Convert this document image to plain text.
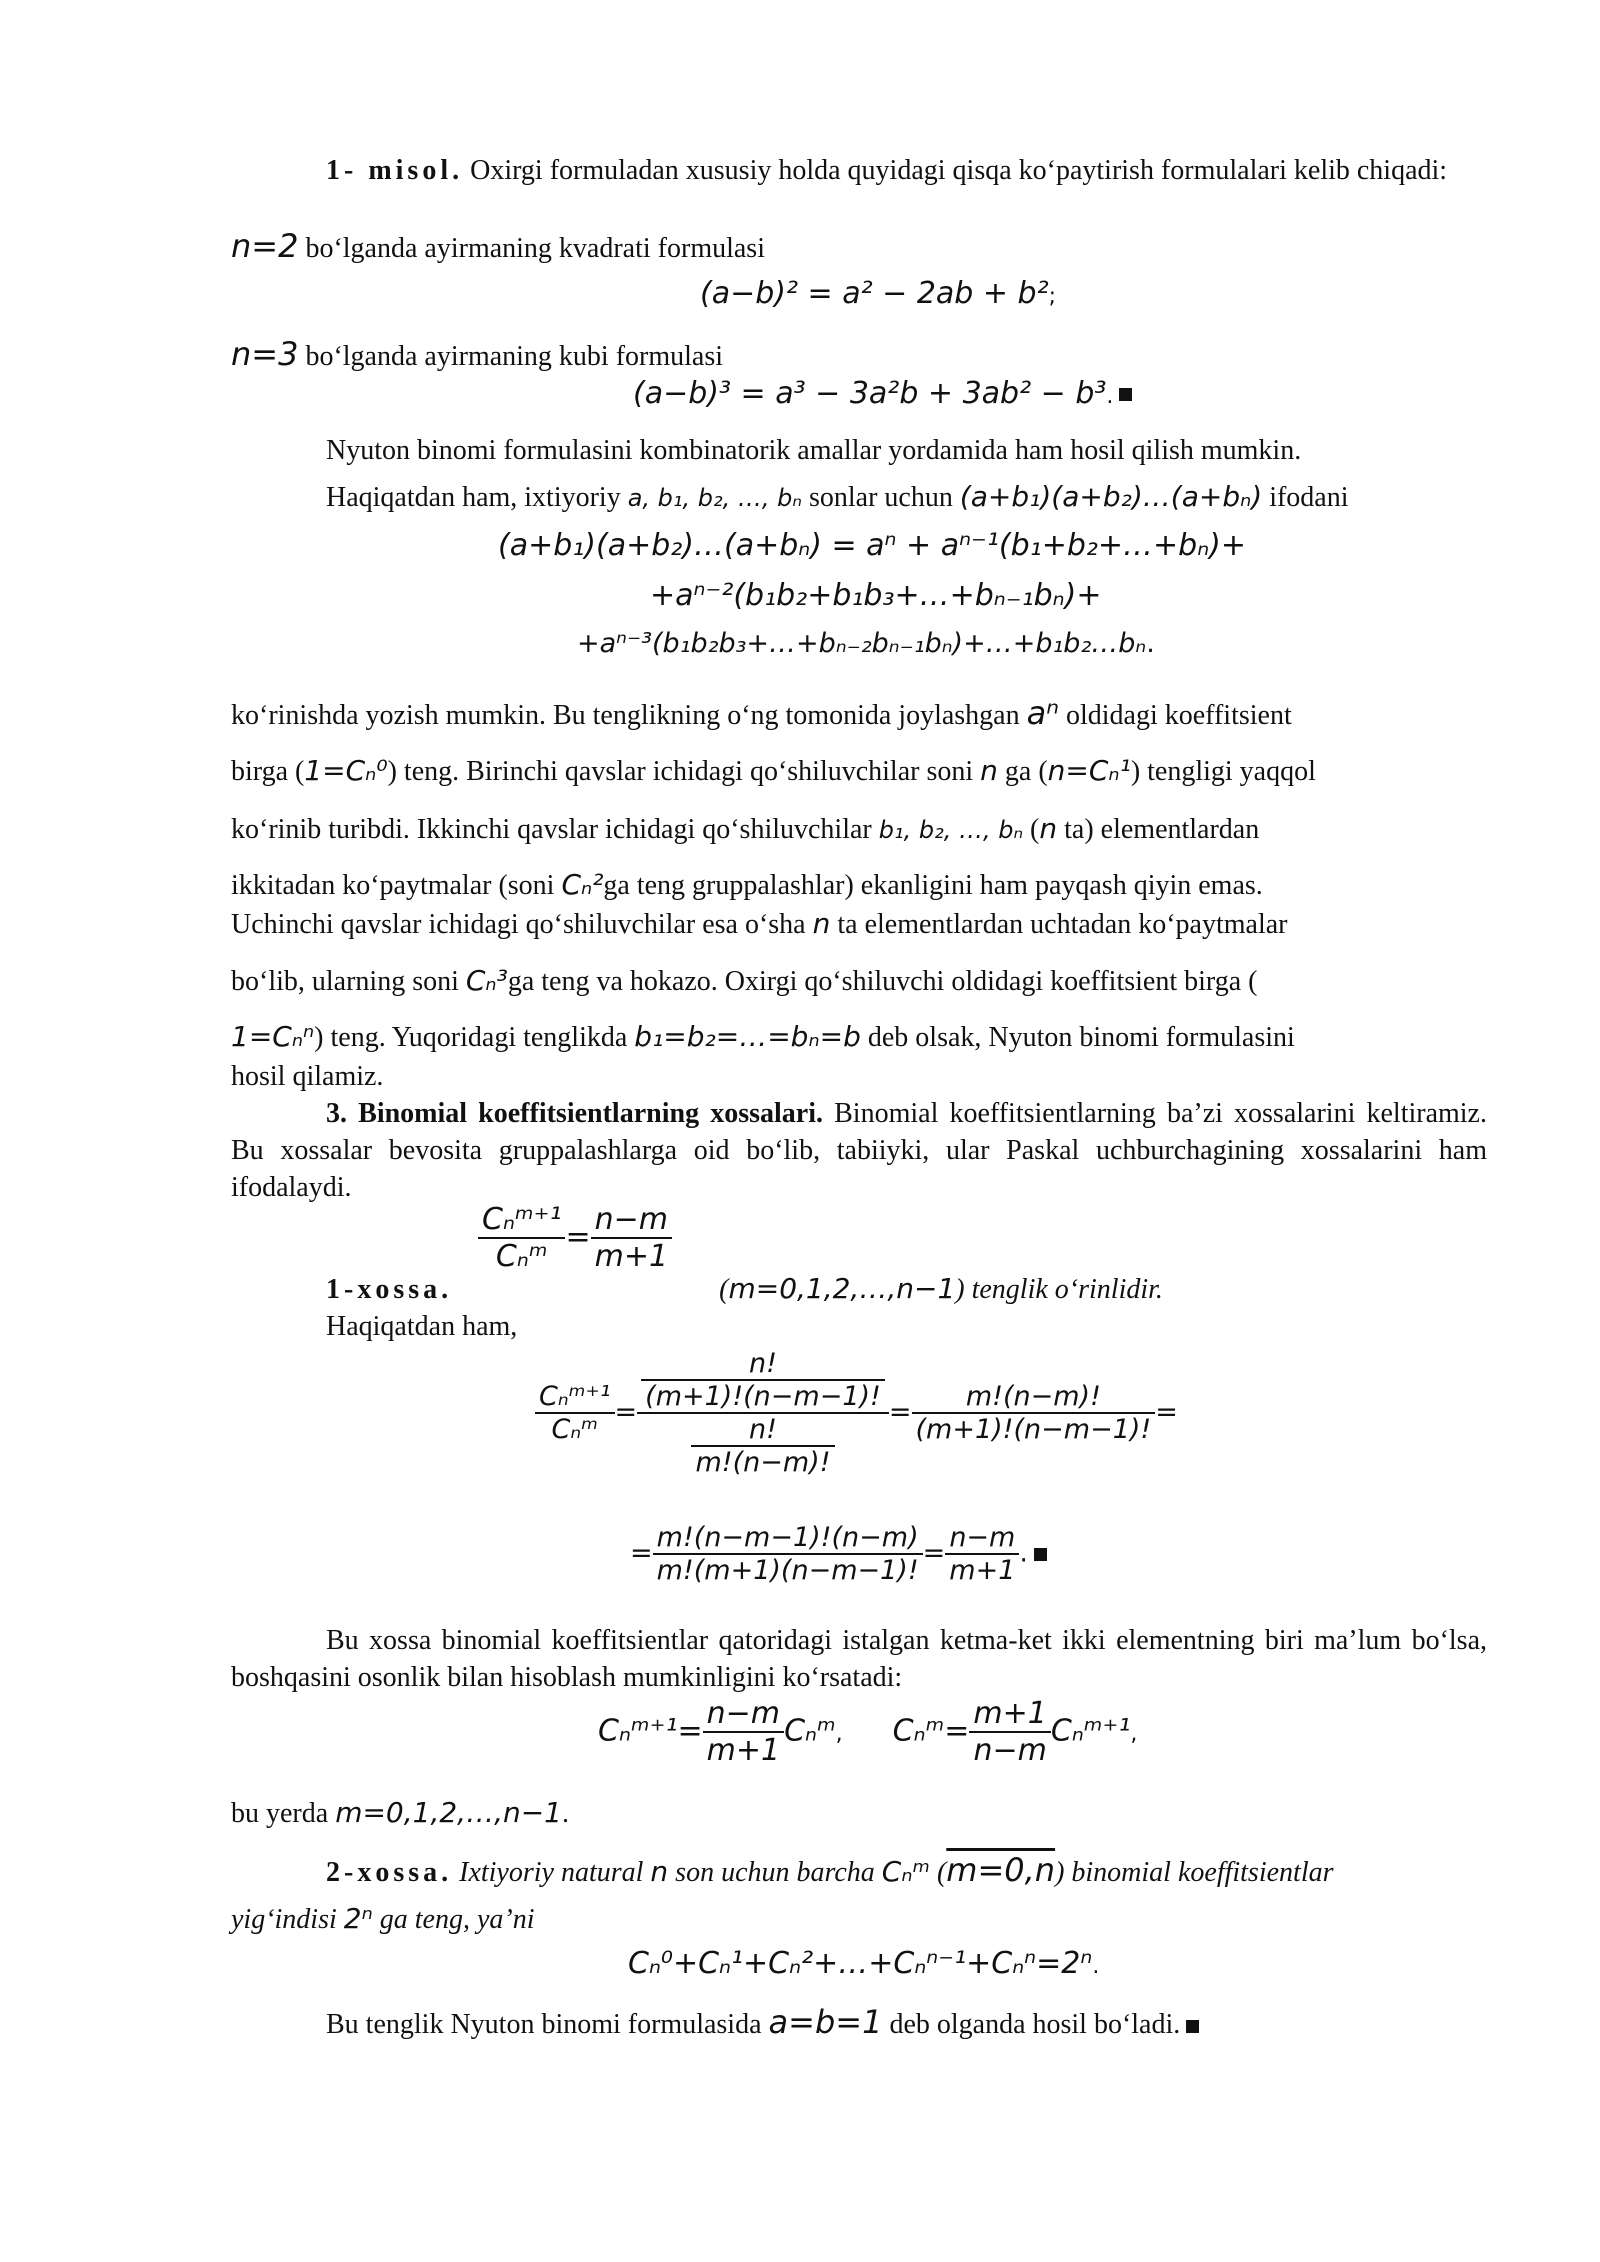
1- misol. Oxirgi formuladan xususiy holda quyidagi qisqa ko‘paytirish formulalari kelib chiqadi:
n=2 bo‘lganda ayirmaning kvadrati formulasi
(a−b)² = a² − 2ab + b²;
n=3 bo‘lganda ayirmaning kubi formulasi
(a−b)³ = a³ − 3a²b + 3ab² − b³.
Nyuton binomi formulasini kombinatorik amallar yordamida ham hosil qilish mumkin.
Haqiqatdan ham, ixtiyoriy a, b₁, b₂, …, bₙ sonlar uchun (a+b₁)(a+b₂)…(a+bₙ) ifodani
(a+b₁)(a+b₂)…(a+bₙ) = aⁿ + aⁿ⁻¹(b₁+b₂+…+bₙ)+
+aⁿ⁻²(b₁b₂+b₁b₃+…+bₙ₋₁bₙ)+
+aⁿ⁻³(b₁b₂b₃+…+bₙ₋₂bₙ₋₁bₙ)+…+b₁b₂…bₙ.
ko‘rinishda yozish mumkin. Bu tenglikning o‘ng tomonida joylashgan aⁿ oldidagi koeffitsient
birga (1=Cₙ⁰) teng. Birinchi qavslar ichidagi qo‘shiluvchilar soni n ga (n=Cₙ¹) tengligi yaqqol
ko‘rinib turibdi. Ikkinchi qavslar ichidagi qo‘shiluvchilar b₁, b₂, …, bₙ (n ta) elementlardan
ikkitadan ko‘paytmalar (soni Cₙ²ga teng gruppalashlar) ekanligini ham payqash qiyin emas.
Uchinchi qavslar ichidagi qo‘shiluvchilar esa o‘sha n ta elementlardan uchtadan ko‘paytmalar
bo‘lib, ularning soni Cₙ³ga teng va hokazo. Oxirgi qo‘shiluvchi oldidagi koeffitsient birga (
1=Cₙⁿ) teng. Yuqoridagi tenglikda b₁=b₂=…=bₙ=b deb olsak, Nyuton binomi formulasini
hosil qilamiz.
3. Binomial koeffitsientlarning xossalari. Binomial koeffitsientlarning ba’zi xossalarini keltiramiz. Bu xossalar bevosita gruppalashlarga oid bo‘lib, tabiiyki, ular Paskal uchburchagining xossalarini ham ifodalaydi.
$\frac{\text{Cₙᵐ⁺¹}}{\text{Cₙᵐ}} = \frac{n-m}{m+1}$
1-xossa.	(m=0,1,2,…,n−1) tenglik o‘rinlidir.
Haqiqatdan ham,
$\frac{\text{Cₙᵐ⁺¹}}{\text{Cₙᵐ}} = \frac{\frac{n!}{(m+1)!(n-m-1)!}}{\frac{n!}{m!(n-m)!}} = \frac{m!(n-m)!}{(m+1)!(n-m-1)!}$ =
= $\frac{m!(n-m-1)!(n-m)}{m!(m+1)(n-m-1)!} = \frac{n-m}{m+1}$ .
Bu xossa binomial koeffitsientlar qatoridagi istalgan ketma-ket ikki elementning biri ma’lum bo‘lsa, boshqasini osonlik bilan hisoblash mumkinligini ko‘rsatadi:
Cₙᵐ⁺¹= $\frac{n-m}{m+1}$ Cₙᵐ, Cₙᵐ= $\frac{m+1}{n-m}$ Cₙᵐ⁺¹,
bu yerda m=0,1,2,…,n−1.
2-xossa. Ixtiyoriy natural n son uchun barcha Cₙᵐ (m=0,n) binomial koeffitsientlar
yig‘indisi 2ⁿ ga teng, ya’ni
Cₙ⁰+Cₙ¹+Cₙ²+…+Cₙⁿ⁻¹+Cₙⁿ=2ⁿ.
Bu tenglik Nyuton binomi formulasida a=b=1 deb olganda hosil bo‘ladi.
